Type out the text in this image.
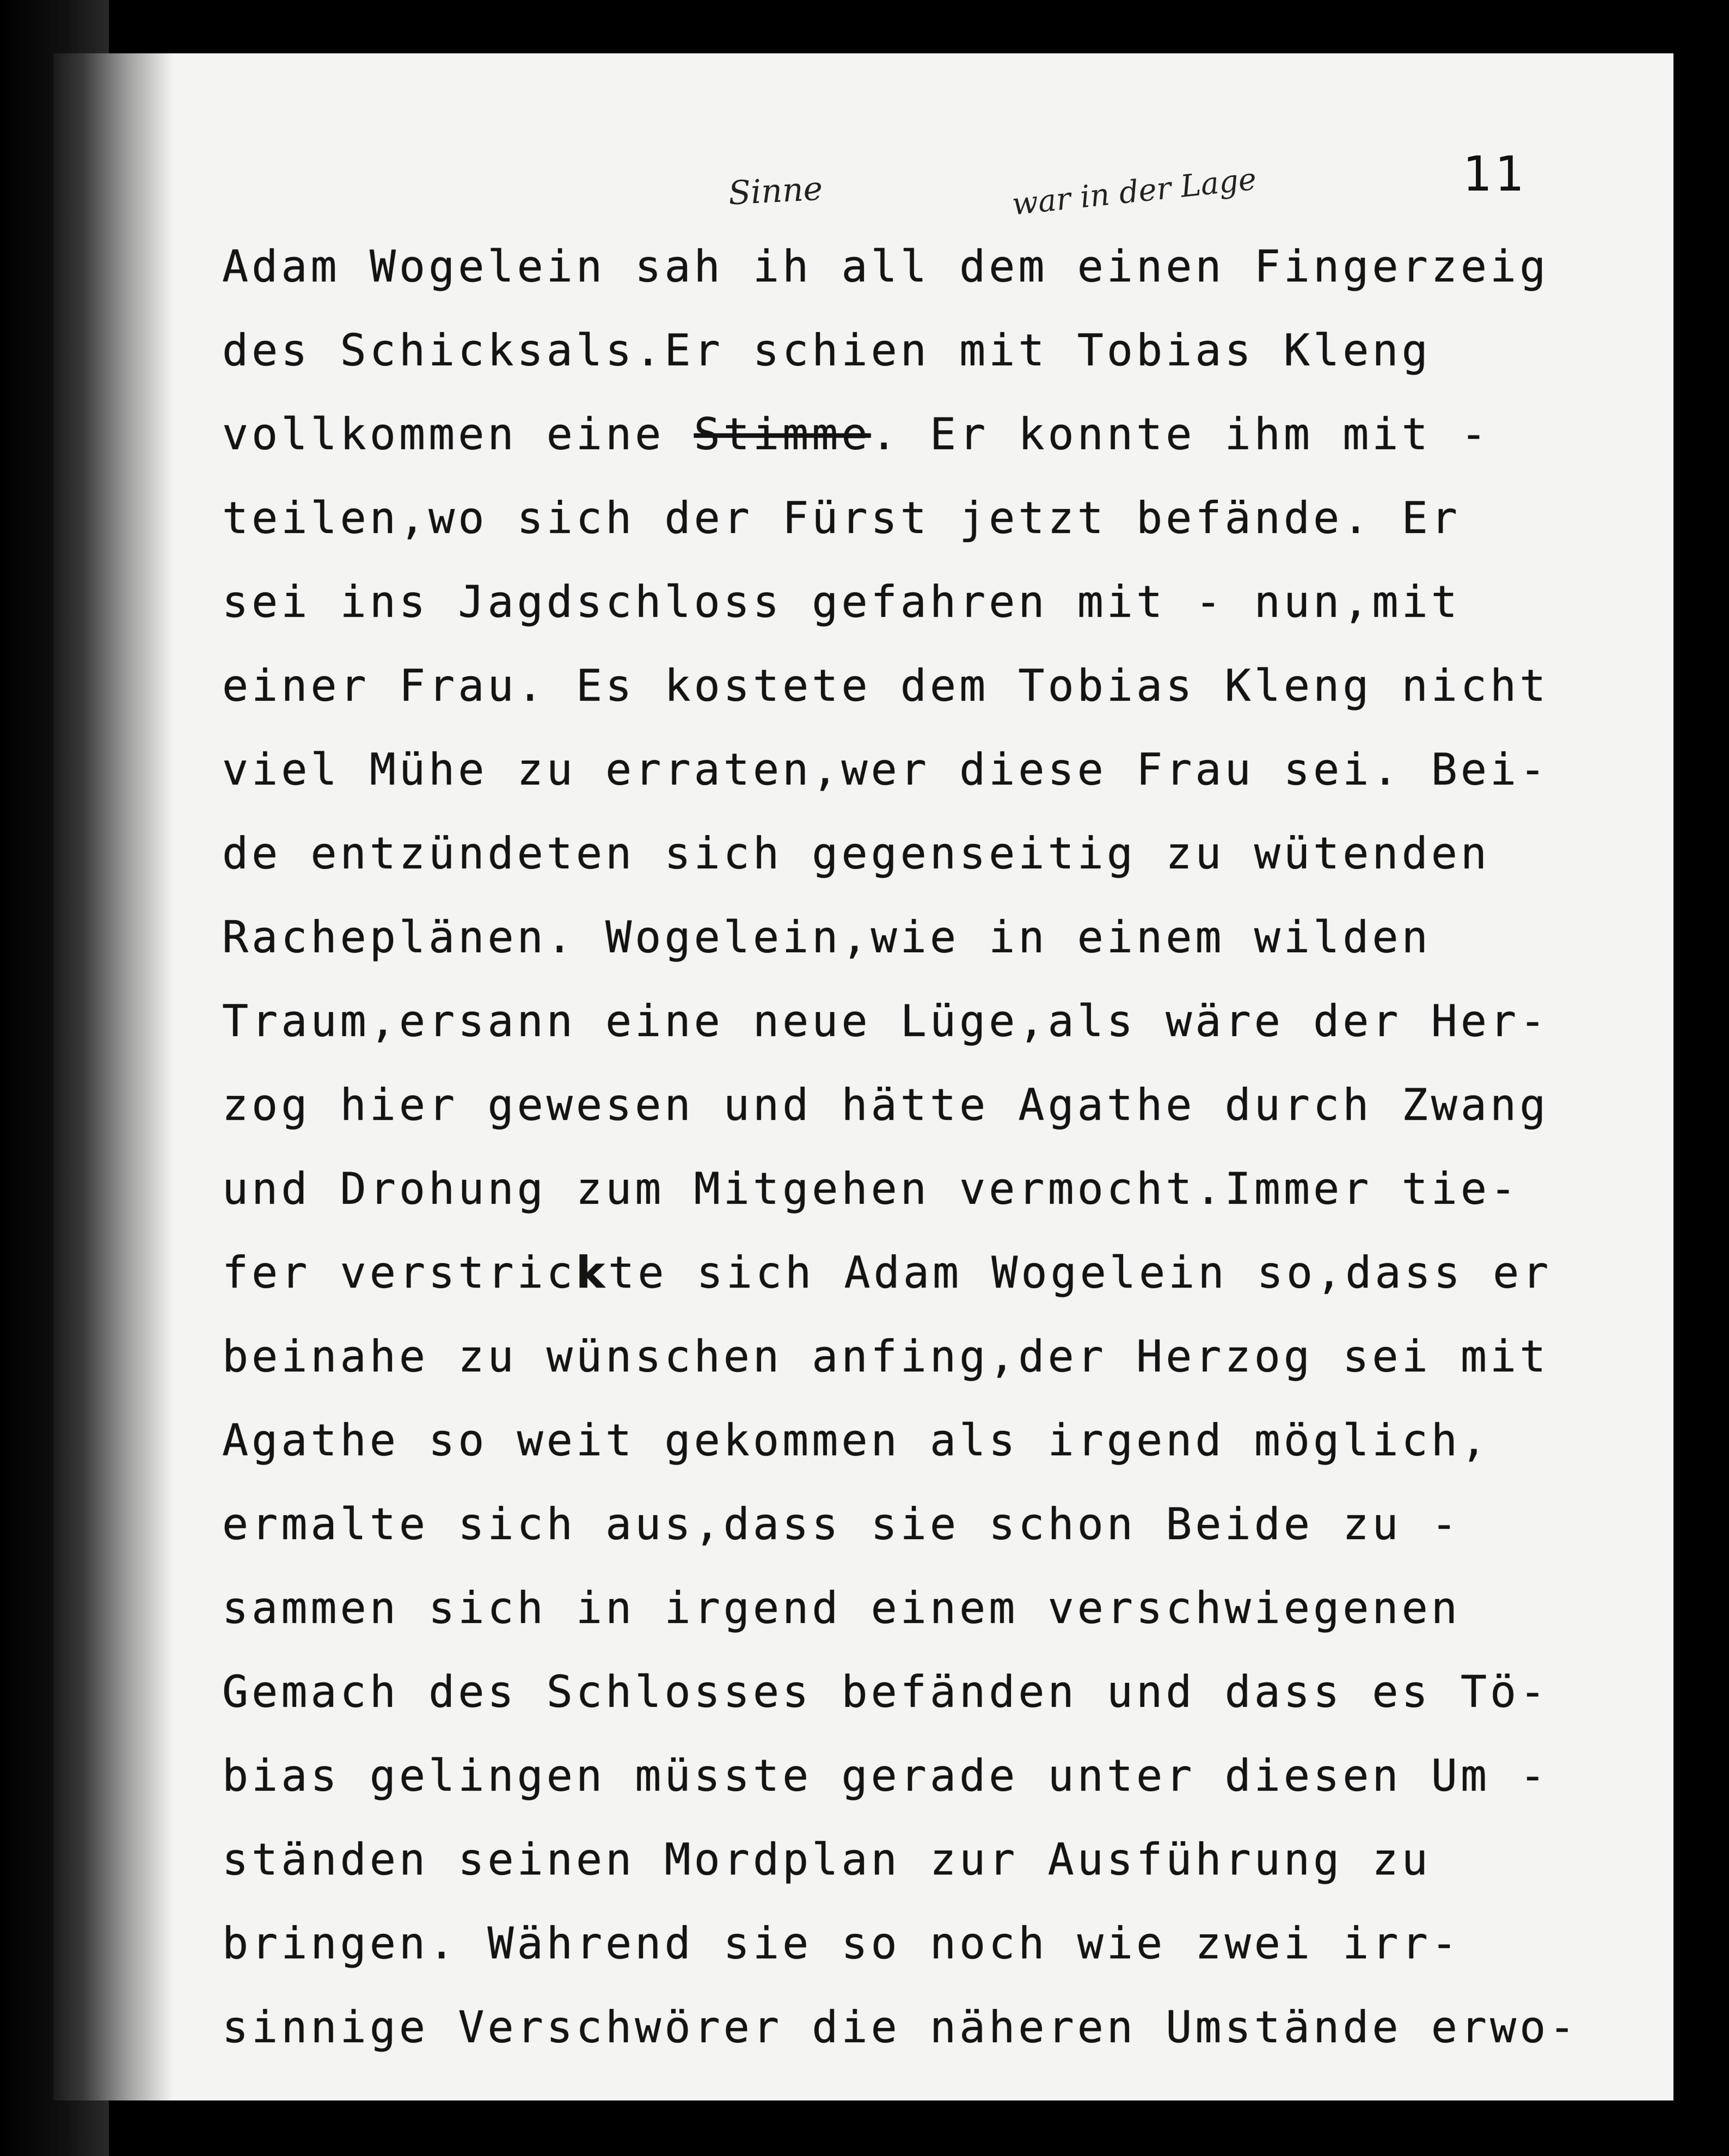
11
Sinne	war in der Lage
Adam Wogelein sah ih all dem einen Fingerzeig
des Schicksals.Er schien mit Tobias Kleng
vollkommen eine Stimme. Er konnte ihm mit -
teilen,wo sich der Fürst jetzt befände. Er
sei ins Jagdschloss gefahren mit - nun,mit
einer Frau. Es kostete dem Tobias Kleng nicht
viel Mühe zu erraten,wer diese Frau sei. Bei-
de entzündeten sich gegenseitig zu wütenden
Racheplänen. Wogelein,wie in einem wilden
Traum,ersann eine neue Lüge,als wäre der Her-
zog hier gewesen und hätte Agathe durch Zwang
und Drohung zum Mitgehen vermocht.Immer tie-
fer verstrickte sich Adam Wogelein so,dass er
beinahe zu wünschen anfing,der Herzog sei mit
Agathe so weit gekommen als irgend möglich,
ermalte sich aus,dass sie schon Beide zu -
sammen sich in irgend einem verschwiegenen
Gemach des Schlosses befänden und dass es Tö-
bias gelingen müsste gerade unter diesen Um -
ständen seinen Mordplan zur Ausführung zu
bringen. Während sie so noch wie zwei irr-
sinnige Verschwörer die näheren Umstände erwo-
